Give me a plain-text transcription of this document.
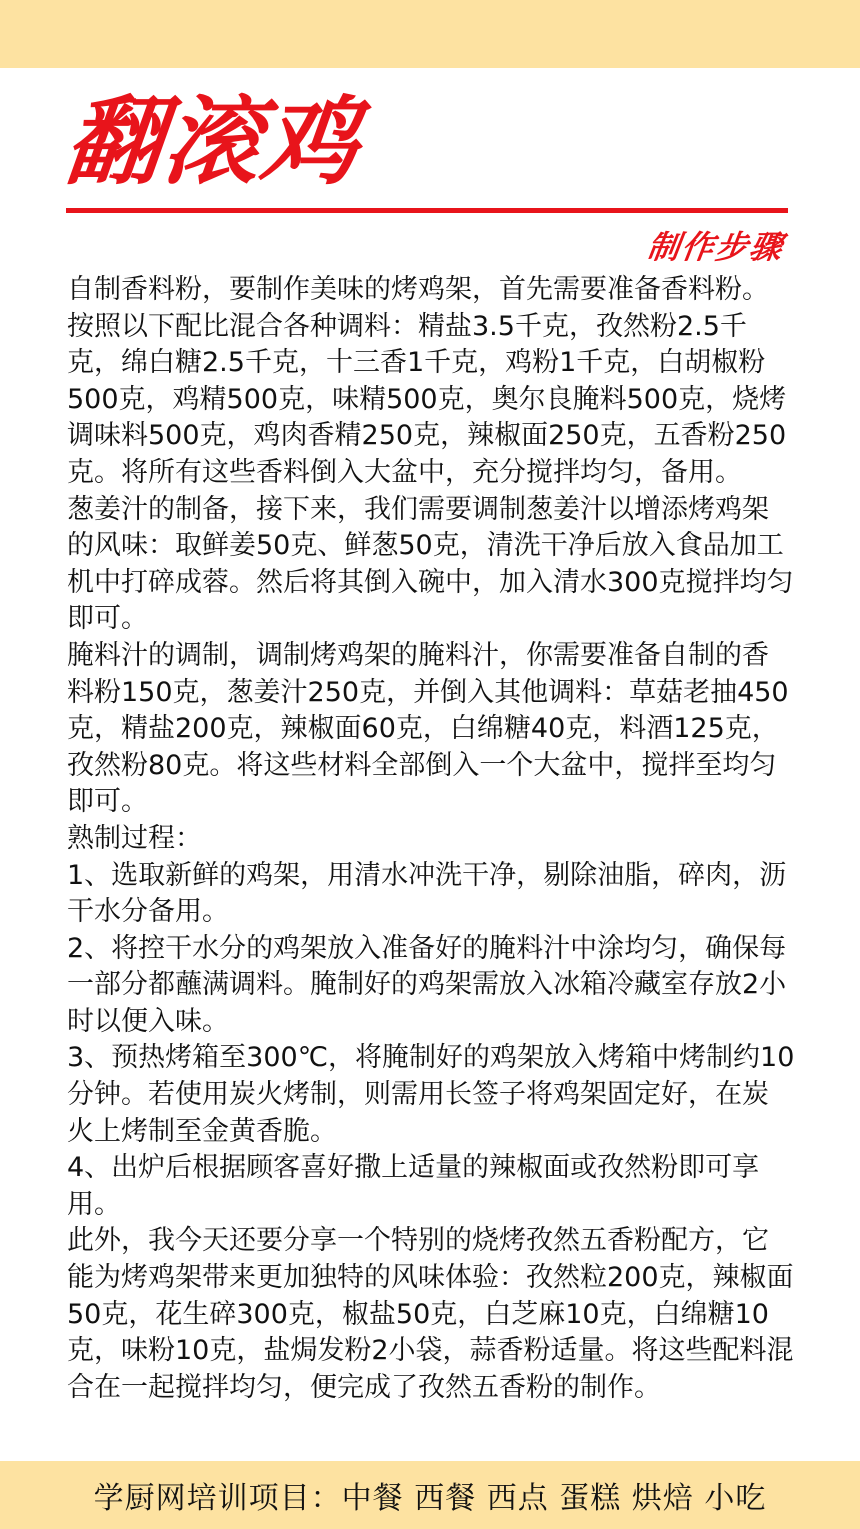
翻滚鸡
制作步骤

自制香料粉，要制作美味的烤鸡架，首先需要准备香料粉。按照以下配比混合各种调料：精盐3.5千克，孜然粉2.5千克，绵白糖2.5千克，十三香1千克，鸡粉1千克，白胡椒粉500克，鸡精500克，味精500克，奥尔良腌料500克，烧烤调味料500克，鸡肉香精250克，辣椒面250克，五香粉250克。将所有这些香料倒入大盆中，充分搅拌均匀，备用。

葱姜汁的制备，接下来，我们需要调制葱姜汁以增添烤鸡架的风味：取鲜姜50克、鲜葱50克，清洗干净后放入食品加工机中打碎成蓉。然后将其倒入碗中，加入清水300克搅拌均匀即可。

腌料汁的调制，调制烤鸡架的腌料汁，你需要准备自制的香料粉150克，葱姜汁250克，并倒入其他调料：草菇老抽450克，精盐200克，辣椒面60克，白绵糖40克，料酒125克，孜然粉80克。将这些材料全部倒入一个大盆中，搅拌至均匀即可。

熟制过程：

1、选取新鲜的鸡架，用清水冲洗干净，剔除油脂，碎肉，沥干水分备用。

2、将控干水分的鸡架放入准备好的腌料汁中涂均匀，确保每一部分都蘸满调料。腌制好的鸡架需放入冰箱冷藏室存放2小时以便入味。

3、预热烤箱至300℃，将腌制好的鸡架放入烤箱中烤制约10分钟。若使用炭火烤制，则需用长签子将鸡架固定好，在炭火上烤制至金黄香脆。

4、出炉后根据顾客喜好撒上适量的辣椒面或孜然粉即可享用。

此外，我今天还要分享一个特别的烧烤孜然五香粉配方，它能为烤鸡架带来更加独特的风味体验：孜然粒200克，辣椒面50克，花生碎300克，椒盐50克，白芝麻10克，白绵糖10克，味粉10克，盐焗发粉2小袋，蒜香粉适量。将这些配料混合在一起搅拌均匀，便完成了孜然五香粉的制作。

学厨网培训项目：中餐 西餐 西点 蛋糕 烘焙 小吃
